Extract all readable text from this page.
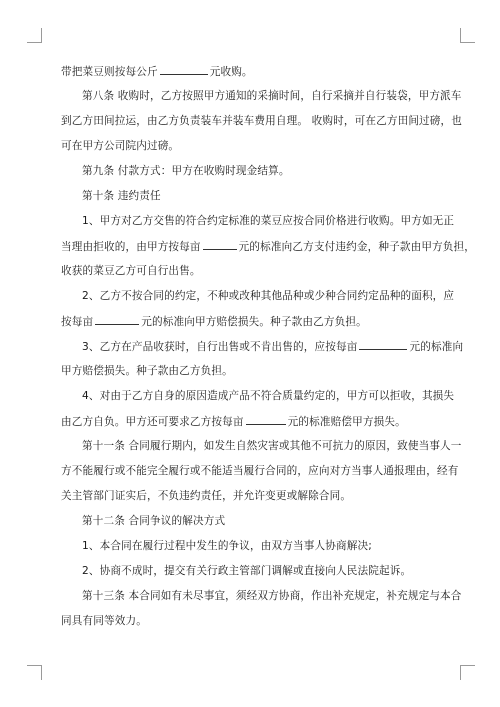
带把菜豆则按每公斤	元收购。
第八条 收购时，乙方按照甲方通知的采摘时间，自行采摘并自行装袋，甲方派车
到乙方田间拉运，由乙方负责装车并装车费用自理。 收购时，可在乙方田间过磅，也
可在甲方公司院内过磅。
第九条 付款方式：甲方在收购时现金结算。
第十条 违约责任
1、甲方对乙方交售的符合约定标准的菜豆应按合同价格进行收购。甲方如无正
当理由拒收的，由甲方按每亩	元的标准向乙方支付违约金，种子款由甲方负担，
收获的菜豆乙方可自行出售。
2、乙方不按合同的约定，不种或改种其他品种或少种合同约定品种的面积，应
按每亩	元的标准向甲方赔偿损失。种子款由乙方负担。
3、乙方在产品收获时，自行出售或不肯出售的，应按每亩	元的标准向
甲方赔偿损失。种子款由乙方负担。
4、对由于乙方自身的原因造成产品不符合质量约定的，甲方可以拒收，其损失
由乙方自负。甲方还可要求乙方按每亩	元的标准赔偿甲方损失。
第十一条 合同履行期内，如发生自然灾害或其他不可抗力的原因，致使当事人一
方不能履行或不能完全履行或不能适当履行合同的，应向对方当事人通报理由，经有
关主管部门证实后，不负违约责任，并允许变更或解除合同。
第十二条 合同争议的解决方式
1、本合同在履行过程中发生的争议，由双方当事人协商解决;
2、协商不成时，提交有关行政主管部门调解或直接向人民法院起诉。
第十三条 本合同如有未尽事宜，须经双方协商，作出补充规定，补充规定与本合
同具有同等效力。
